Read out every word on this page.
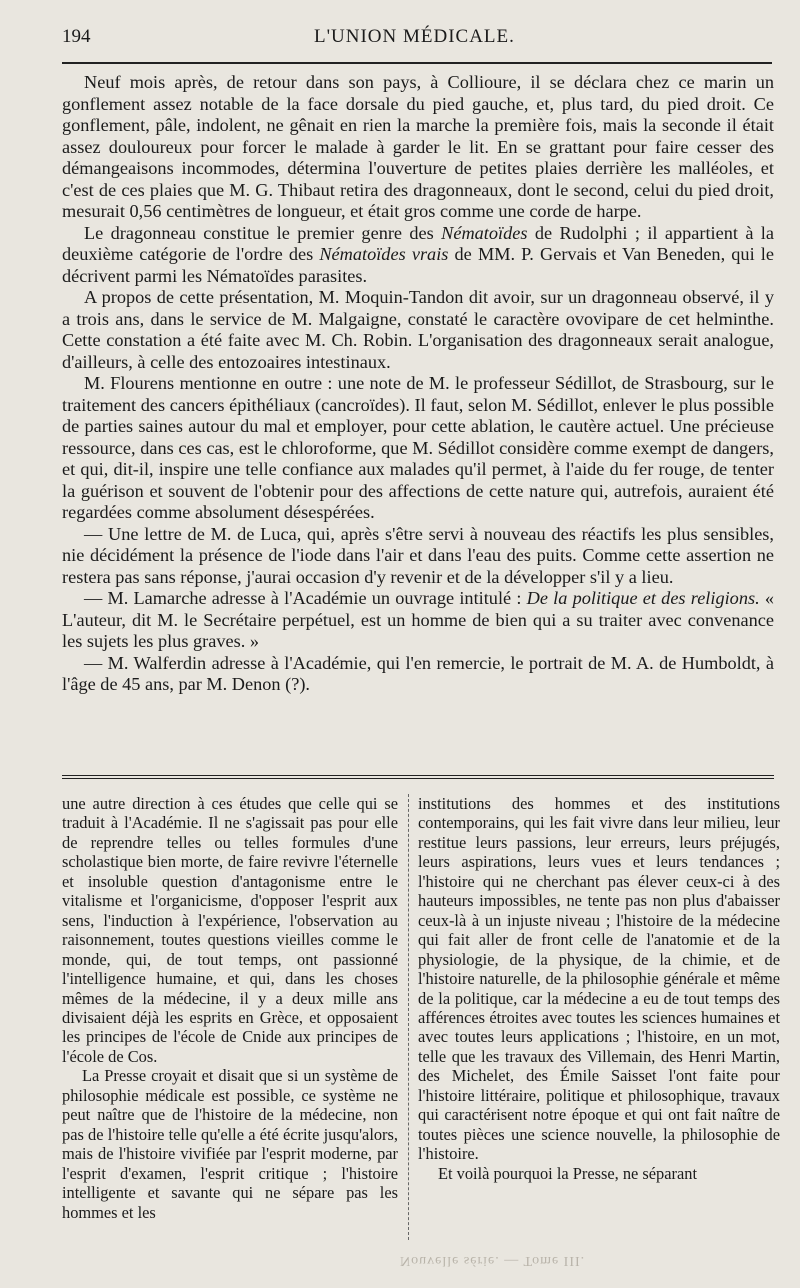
194	L'UNION MÉDICALE.

Neuf mois après, de retour dans son pays, à Collioure, il se déclara chez ce marin un gonflement assez notable de la face dorsale du pied gauche, et, plus tard, du pied droit. Ce gonflement, pâle, indolent, ne gênait en rien la marche la première fois, mais la seconde il était assez douloureux pour forcer le malade à garder le lit. En se grattant pour faire cesser des démangeaisons incommodes, détermina l'ouverture de petites plaies derrière les malléoles, et c'est de ces plaies que M. G. Thibaut retira des dragonneaux, dont le second, celui du pied droit, mesurait 0,56 centimètres de longueur, et était gros comme une corde de harpe.

Le dragonneau constitue le premier genre des Nématoïdes de Rudolphi ; il appartient à la deuxième catégorie de l'ordre des Nématoïdes vrais de MM. P. Gervais et Van Beneden, qui le décrivent parmi les Nématoïdes parasites.

A propos de cette présentation, M. Moquin-Tandon dit avoir, sur un dragonneau observé, il y a trois ans, dans le service de M. Malgaigne, constaté le caractère ovovipare de cet helminthe. Cette constation a été faite avec M. Ch. Robin. L'organisation des dragonneaux serait analogue, d'ailleurs, à celle des entozoaires intestinaux.

M. Flourens mentionne en outre : une note de M. le professeur Sédillot, de Strasbourg, sur le traitement des cancers épithéliaux (cancroïdes). Il faut, selon M. Sédillot, enlever le plus possible de parties saines autour du mal et employer, pour cette ablation, le cautère actuel. Une précieuse ressource, dans ces cas, est le chloroforme, que M. Sédillot considère comme exempt de dangers, et qui, dit-il, inspire une telle confiance aux malades qu'il permet, à l'aide du fer rouge, de tenter la guérison et souvent de l'obtenir pour des affections de cette nature qui, autrefois, auraient été regardées comme absolument désespérées.

— Une lettre de M. de Luca, qui, après s'être servi à nouveau des réactifs les plus sensibles, nie décidément la présence de l'iode dans l'air et dans l'eau des puits. Comme cette assertion ne restera pas sans réponse, j'aurai occasion d'y revenir et de la développer s'il y a lieu.

— M. Lamarche adresse à l'Académie un ouvrage intitulé : De la politique et des religions. « L'auteur, dit M. le Secrétaire perpétuel, est un homme de bien qui a su traiter avec convenance les sujets les plus graves. »

— M. Walferdin adresse à l'Académie, qui l'en remercie, le portrait de M. A. de Humboldt, à l'âge de 45 ans, par M. Denon (?).

une autre direction à ces études que celle qui se traduit à l'Académie. Il ne s'agissait pas pour elle de reprendre telles ou telles formules d'une scholastique bien morte, de faire revivre l'éternelle et insoluble question d'antagonisme entre le vitalisme et l'organicisme, d'opposer l'esprit aux sens, l'induction à l'expérience, l'observation au raisonnement, toutes questions vieilles comme le monde, qui, de tout temps, ont passionné l'intelligence humaine, et qui, dans les choses mêmes de la médecine, il y a deux mille ans divisaient déjà les esprits en Grèce, et opposaient les principes de l'école de Cnide aux principes de l'école de Cos.

La Presse croyait et disait que si un système de philosophie médicale est possible, ce système ne peut naître que de l'histoire de la médecine, non pas de l'histoire telle qu'elle a été écrite jusqu'alors, mais de l'histoire vivifiée par l'esprit moderne, par l'esprit d'examen, l'esprit critique ; l'histoire intelligente et savante qui ne sépare pas les hommes et les

institutions des hommes et des institutions contemporains, qui les fait vivre dans leur milieu, leur restitue leurs passions, leur erreurs, leurs préjugés, leurs aspirations, leurs vues et leurs tendances ; l'histoire qui ne cherchant pas élever ceux-ci à des hauteurs impossibles, ne tente pas non plus d'abaisser ceux-là à un injuste niveau ; l'histoire de la médecine qui fait aller de front celle de l'anatomie et de la physiologie, de la physique, de la chimie, et de l'histoire naturelle, de la philosophie générale et même de la politique, car la médecine a eu de tout temps des afférences étroites avec toutes les sciences humaines et avec toutes leurs applications ; l'histoire, en un mot, telle que les travaux des Villemain, des Henri Martin, des Michelet, des Émile Saisset l'ont faite pour l'histoire littéraire, politique et philosophique, travaux qui caractérisent notre époque et qui ont fait naître de toutes pièces une science nouvelle, la philosophie de l'histoire.

Et voilà pourquoi la Presse, ne séparant

Nouvelle série. — Tome III.
